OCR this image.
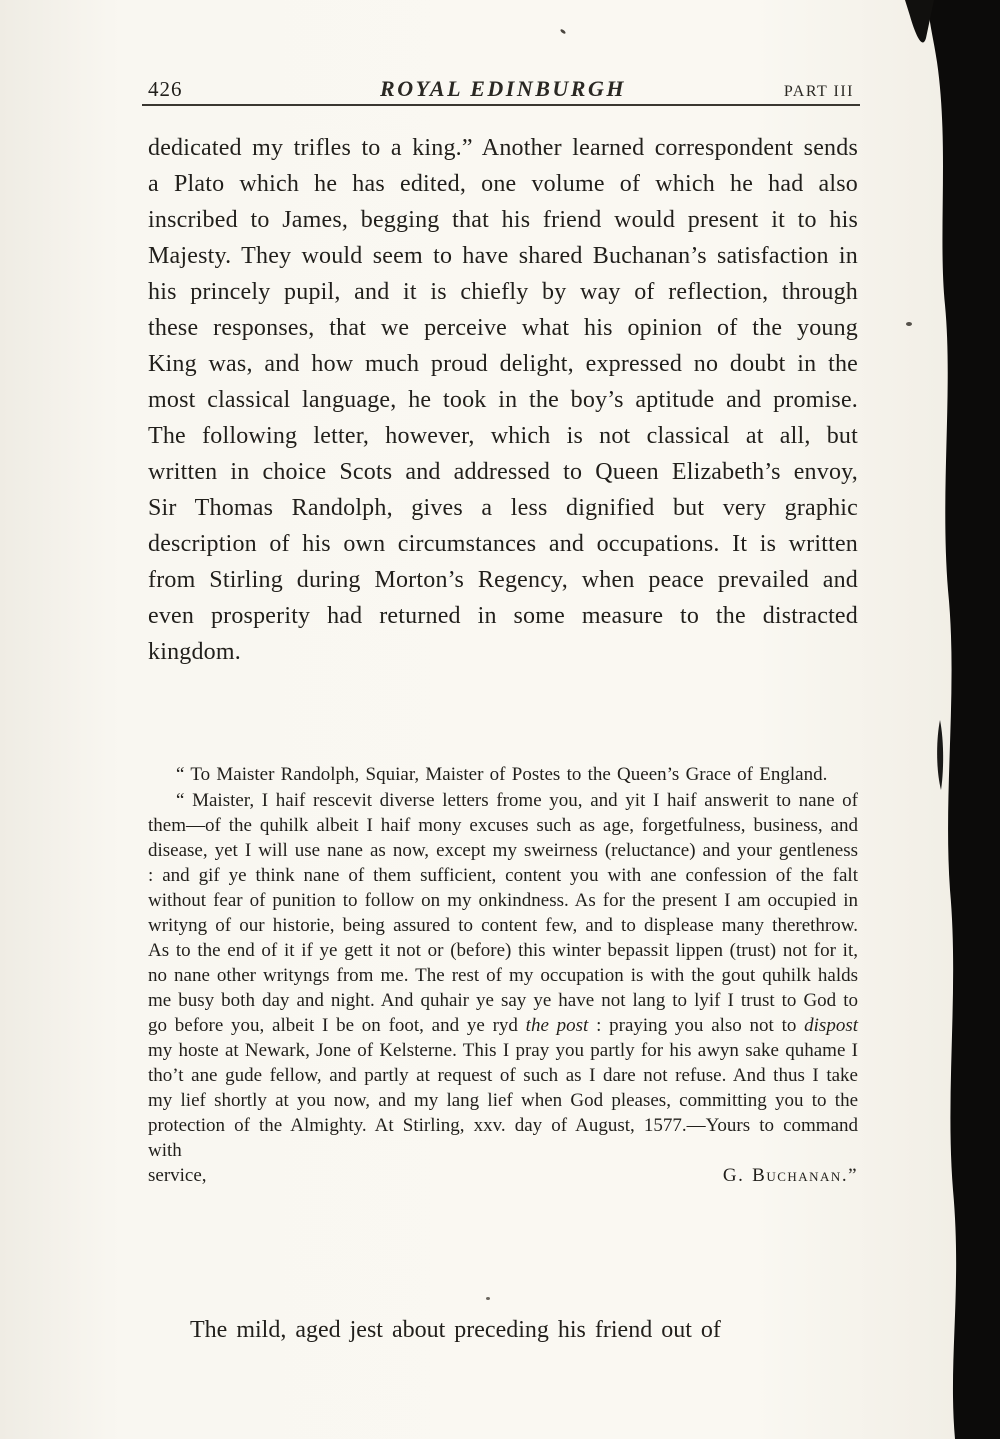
426	ROYAL EDINBURGH	PART III

dedicated my trifles to a king.” Another learned correspondent sends a Plato which he has edited, one volume of which he had also inscribed to James, begging that his friend would present it to his Majesty. They would seem to have shared Buchanan’s satisfaction in his princely pupil, and it is chiefly by way of reflection, through these responses, that we perceive what his opinion of the young King was, and how much proud delight, expressed no doubt in the most classical language, he took in the boy’s aptitude and promise. The following letter, however, which is not classical at all, but written in choice Scots and addressed to Queen Elizabeth’s envoy, Sir Thomas Randolph, gives a less dignified but very graphic description of his own circumstances and occupations. It is written from Stirling during Morton’s Regency, when peace prevailed and even prosperity had returned in some measure to the distracted kingdom.

“ To Maister Randolph, Squiar, Maister of Postes to the Queen’s Grace of England.

“ Maister, I haif rescevit diverse letters frome you, and yit I haif answerit to nane of them—of the quhilk albeit I haif mony excuses such as age, forgetfulness, business, and disease, yet I will use nane as now, except my sweirness (reluctance) and your gentleness : and gif ye think nane of them sufficient, content you with ane confession of the falt without fear of punition to follow on my onkindness. As for the present I am occupied in writyng of our historie, being assured to content few, and to displease many therethrow. As to the end of it if ye gett it not or (before) this winter bepassit lippen (trust) not for it, no nane other writyngs from me. The rest of my occupation is with the gout quhilk halds me busy both day and night. And quhair ye say ye have not lang to lyif I trust to God to go before you, albeit I be on foot, and ye ryd the post : praying you also not to dispost my hoste at Newark, Jone of Kelsterne. This I pray you partly for his awyn sake quhame I tho’t ane gude fellow, and partly at request of such as I dare not refuse. And thus I take my lief shortly at you now, and my lang lief when God pleases, committing you to the protection of the Almighty. At Stirling, xxv. day of August, 1577.—Yours to command with

service,	G. Buchanan.”

The mild, aged jest about preceding his friend out of
